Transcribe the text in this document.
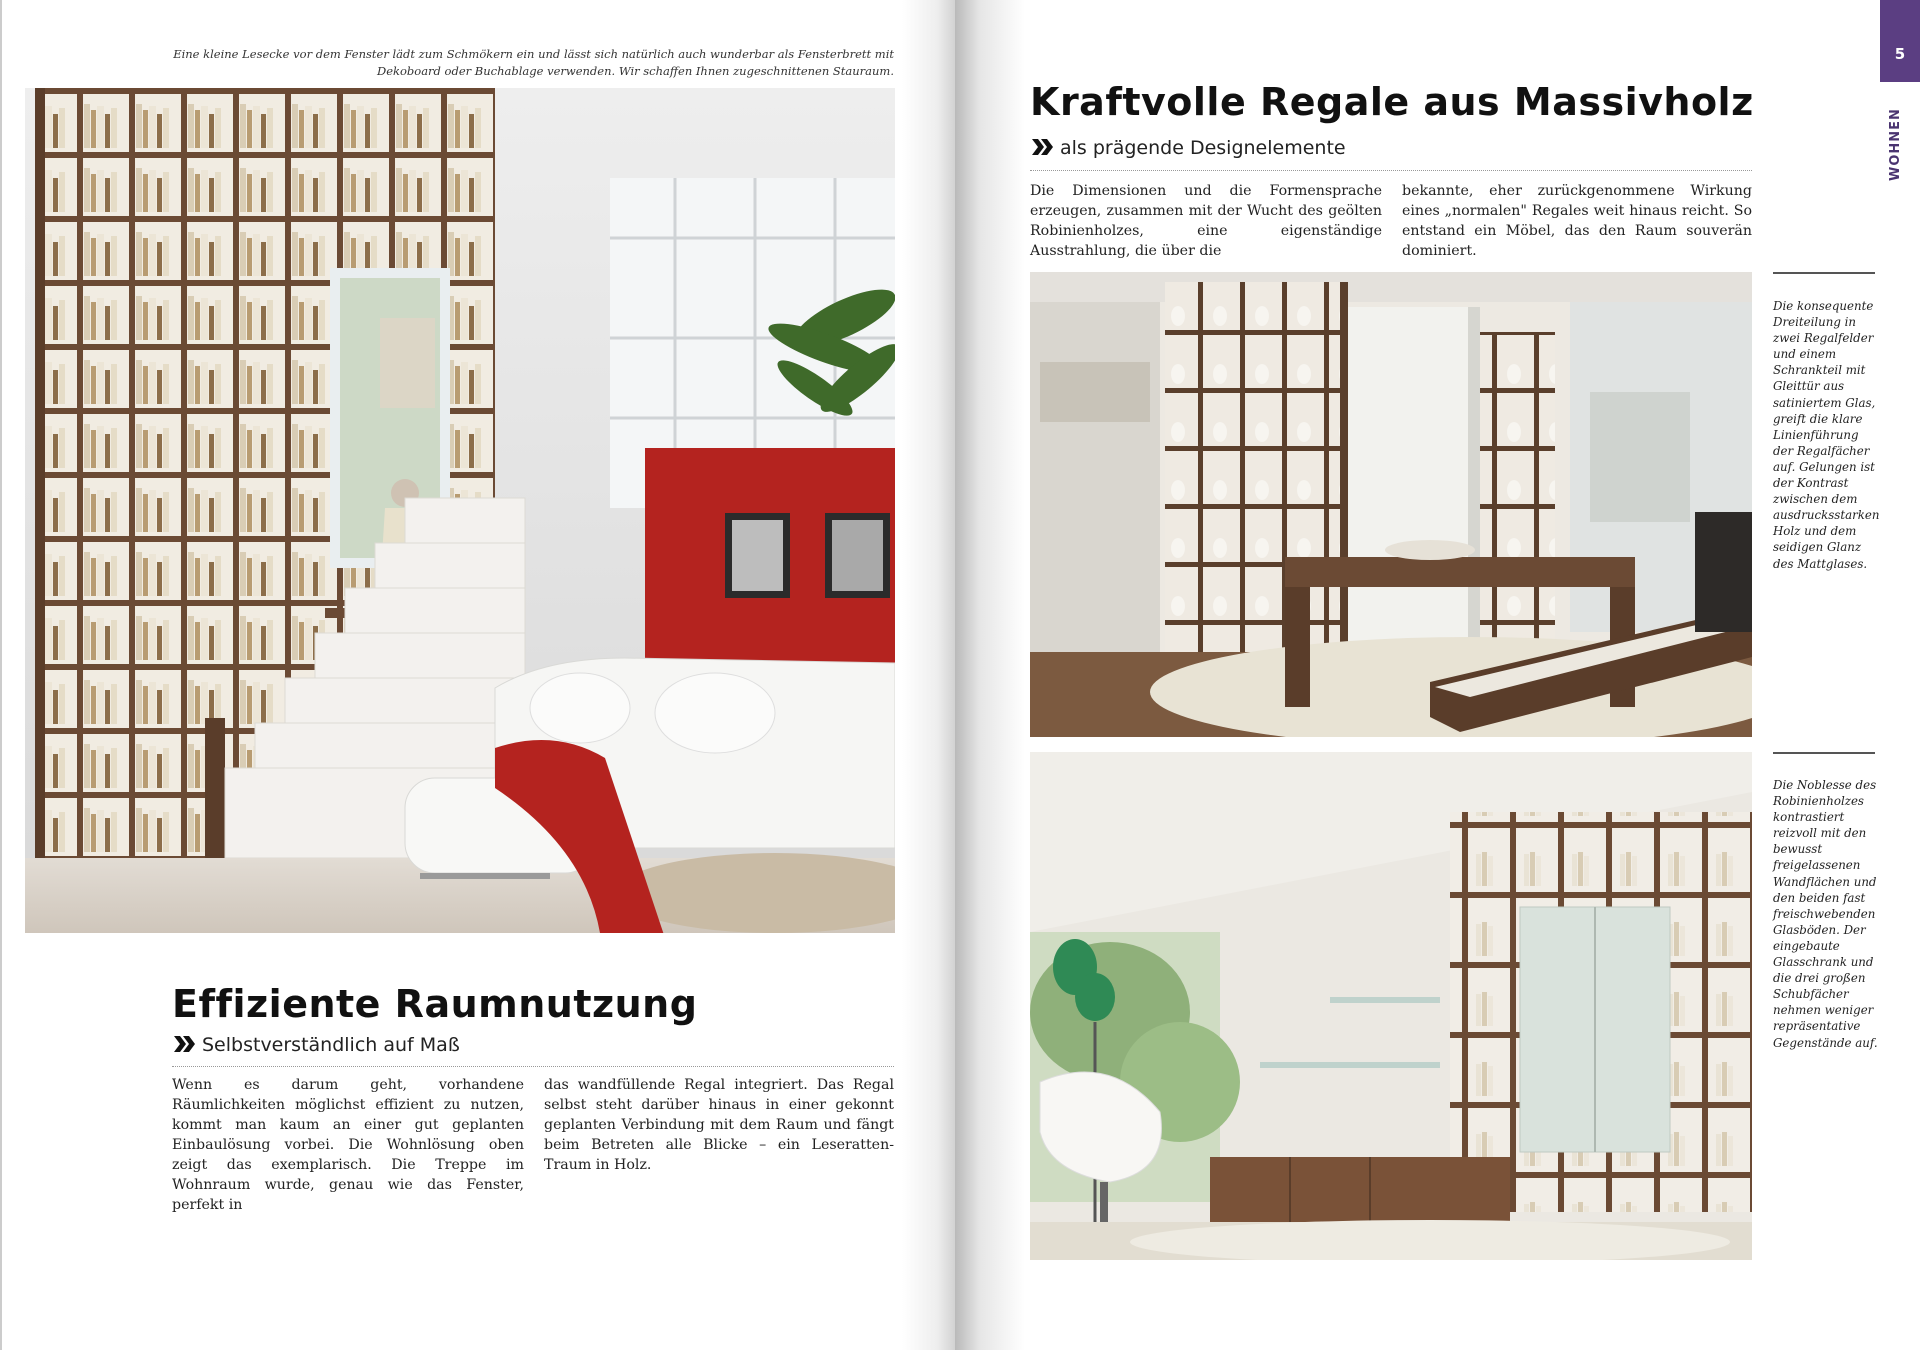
Eine kleine Lesecke vor dem Fenster lädt zum Schmökern ein und lässt sich natürlich auch wunderbar als Fensterbrett mit Dekoboard oder Buchablage verwenden. Wir schaffen Ihnen zugeschnittenen Stauraum.
Effiziente Raumnutzung
Selbstverständlich auf Maß
Wenn es darum geht, vorhandene Räumlichkeiten möglichst effizient zu nutzen, kommt man kaum an einer gut geplanten Einbaulösung vorbei. Die Wohnlösung oben zeigt das exemplarisch. Die Treppe im Wohnraum wurde, genau wie das Fenster, perfekt in
das wandfüllende Regal integriert. Das Regal selbst steht darüber hinaus in einer gekonnt geplanten Verbindung mit dem Raum und fängt beim Betreten alle Blicke – ein Leseratten-Traum in Holz.
Kraftvolle Regale aus Massivholz
als prägende Designelemente
Die Dimensionen und die Formensprache erzeugen, zusammen mit der Wucht des geölten Robinienholzes, eine eigenständige Ausstrahlung, die über die
bekannte, eher zurückgenommene Wirkung eines „normalen" Regales weit hinaus reicht. So entstand ein Möbel, das den Raum souverän dominiert.
Die konsequente Dreiteilung in zwei Regalfelder und einem Schrankteil mit Gleittür aus satiniertem Glas, greift die klare Linienführung der Regalfächer auf. Gelungen ist der Kontrast zwischen dem ausdrucksstarken Holz und dem seidigen Glanz des Mattglases.
Die Noblesse des Robinienholzes kontrastiert reizvoll mit den bewusst freigelassenen Wandflächen und den beiden fast freischwebenden Glasböden. Der eingebaute Glasschrank und die drei großen Schubfächer nehmen weniger repräsentative Gegenstände auf.
5
WOHNEN
